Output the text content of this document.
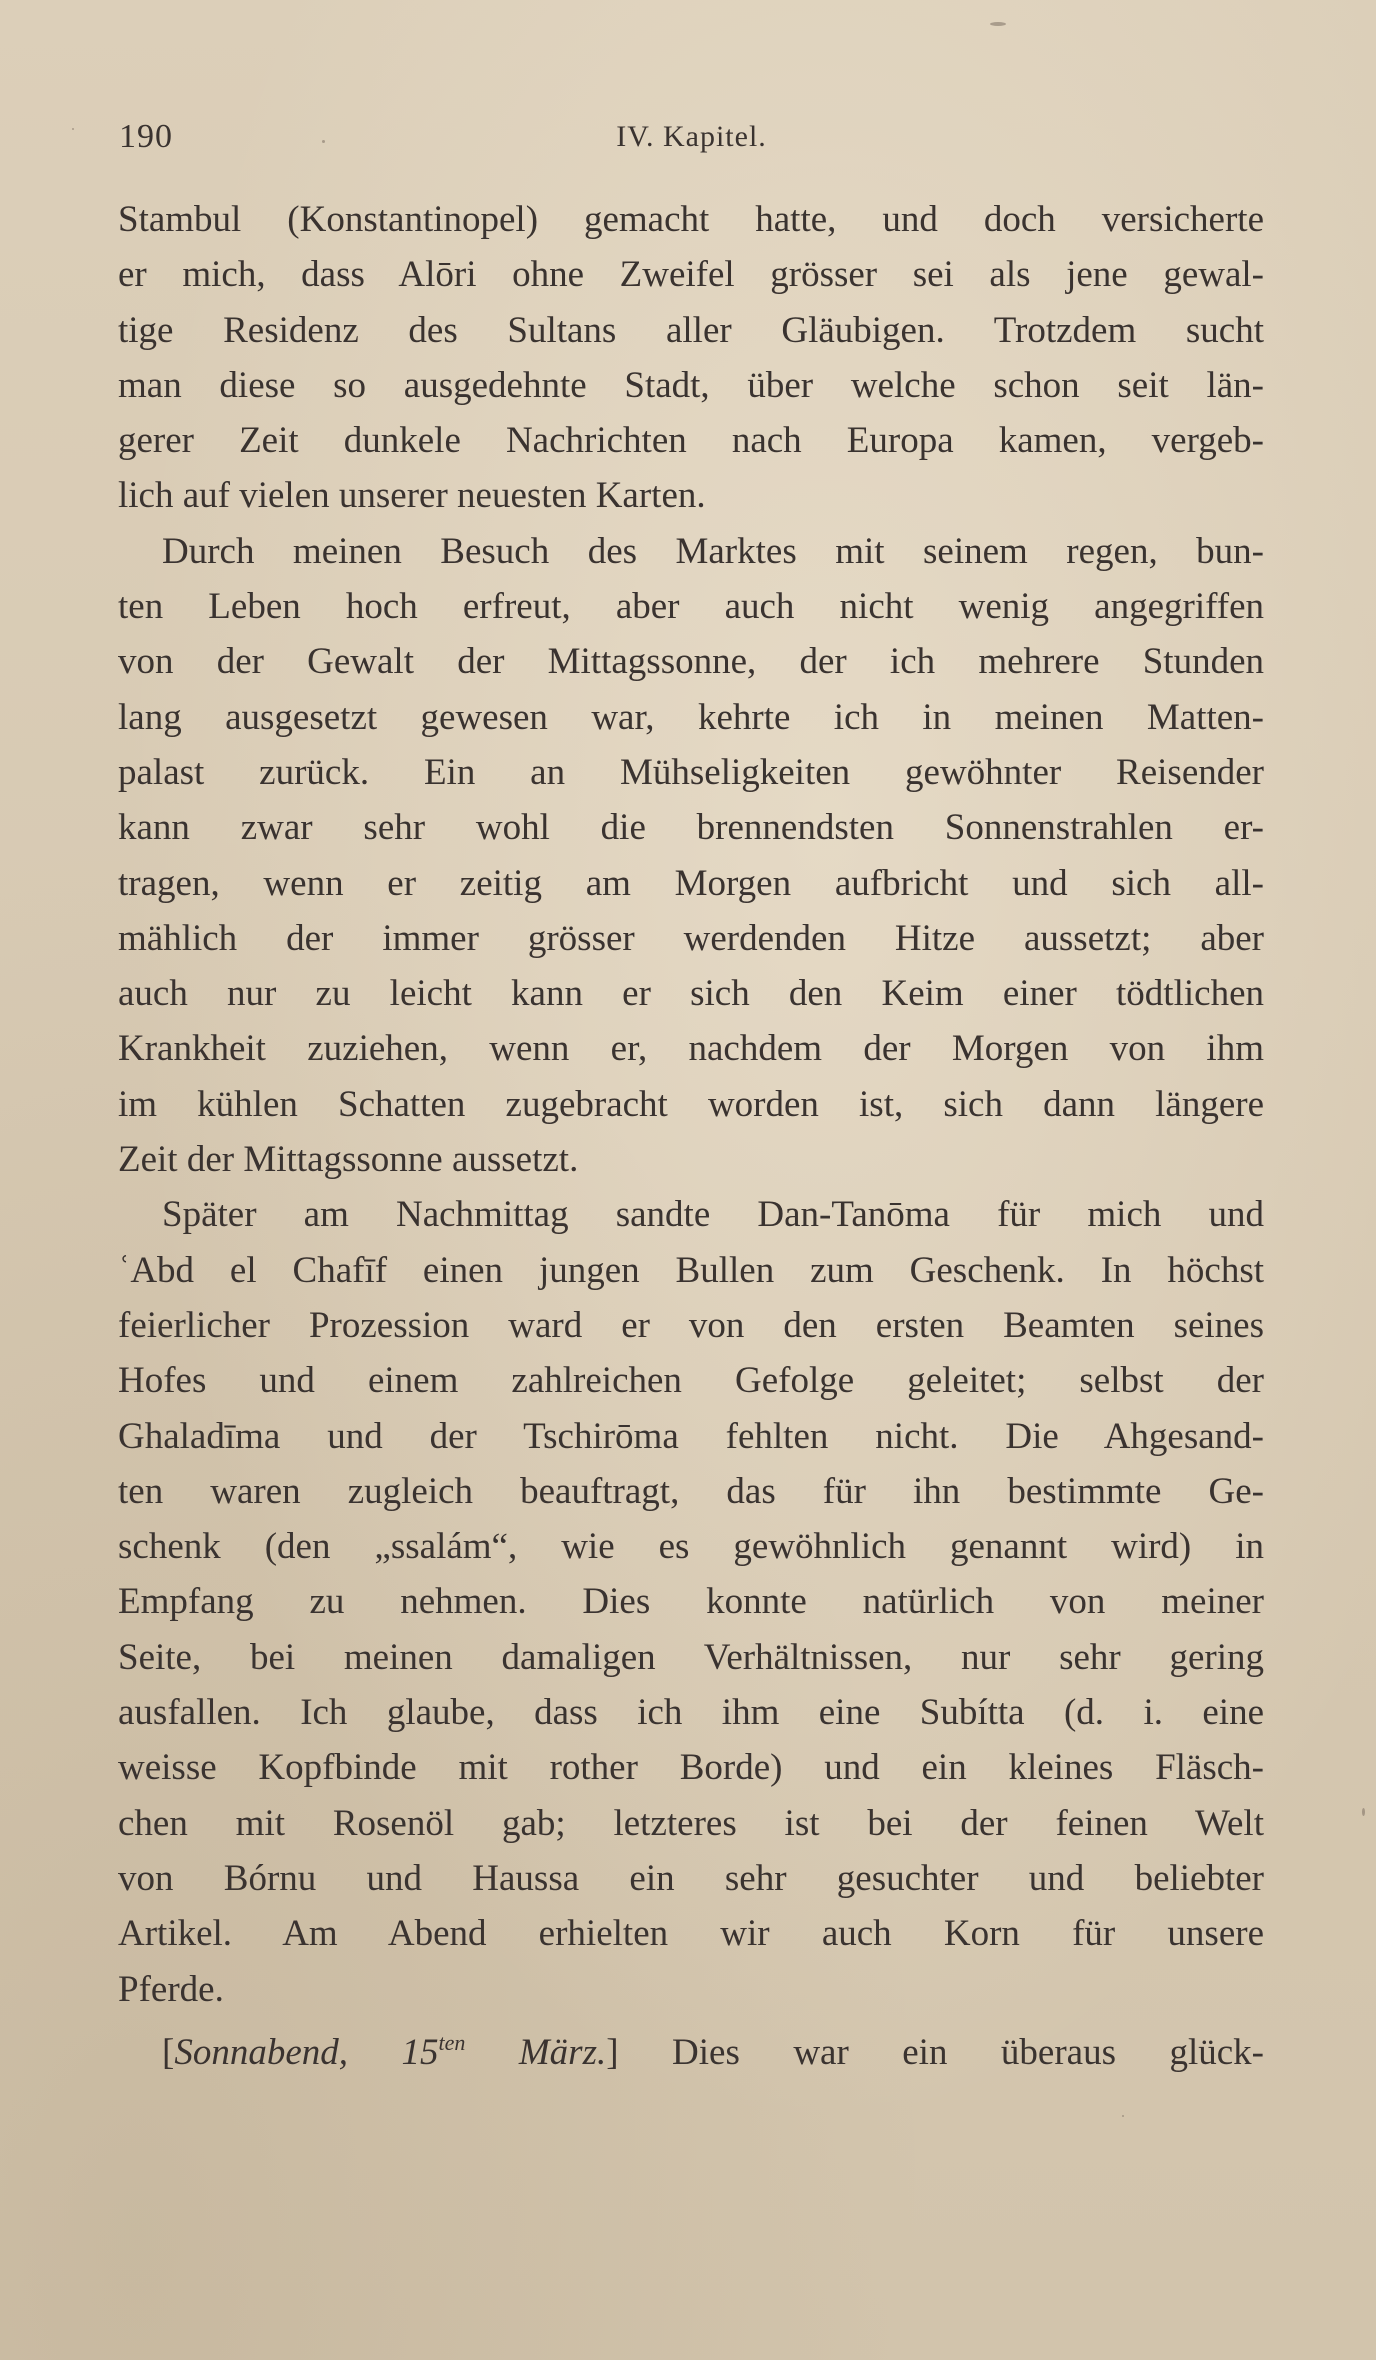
190	IV. Kapitel.
Stambul (Konstantinopel) gemacht hatte, und doch versicherte
er mich, dass Alōri ohne Zweifel grösser sei als jene gewal-
tige Residenz des Sultans aller Gläubigen. Trotzdem sucht
man diese so ausgedehnte Stadt, über welche schon seit län-
gerer Zeit dunkele Nachrichten nach Europa kamen, vergeb-
lich auf vielen unserer neuesten Karten.
Durch meinen Besuch des Marktes mit seinem regen, bun-
ten Leben hoch erfreut, aber auch nicht wenig angegriffen
von der Gewalt der Mittagssonne, der ich mehrere Stunden
lang ausgesetzt gewesen war, kehrte ich in meinen Matten-
palast zurück. Ein an Mühseligkeiten gewöhnter Reisender
kann zwar sehr wohl die brennendsten Sonnenstrahlen er-
tragen, wenn er zeitig am Morgen aufbricht und sich all-
mählich der immer grösser werdenden Hitze aussetzt; aber
auch nur zu leicht kann er sich den Keim einer tödtlichen
Krankheit zuziehen, wenn er, nachdem der Morgen von ihm
im kühlen Schatten zugebracht worden ist, sich dann längere
Zeit der Mittagssonne aussetzt.
Später am Nachmittag sandte Dan-Tanōma für mich und
ʿAbd el Chafīf einen jungen Bullen zum Geschenk. In höchst
feierlicher Prozession ward er von den ersten Beamten seines
Hofes und einem zahlreichen Gefolge geleitet; selbst der
Ghaladīma und der Tschirōma fehlten nicht. Die Ahgesand-
ten waren zugleich beauftragt, das für ihn bestimmte Ge-
schenk (den „ssalám“, wie es gewöhnlich genannt wird) in
Empfang zu nehmen. Dies konnte natürlich von meiner
Seite, bei meinen damaligen Verhältnissen, nur sehr gering
ausfallen. Ich glaube, dass ich ihm eine Subítta (d. i. eine
weisse Kopfbinde mit rother Borde) und ein kleines Fläsch-
chen mit Rosenöl gab; letzteres ist bei der feinen Welt
von Bórnu und Haussa ein sehr gesuchter und beliebter
Artikel. Am Abend erhielten wir auch Korn für unsere
Pferde.
[Sonnabend, $15^{ten}$ März.] Dies war ein überaus glück-
